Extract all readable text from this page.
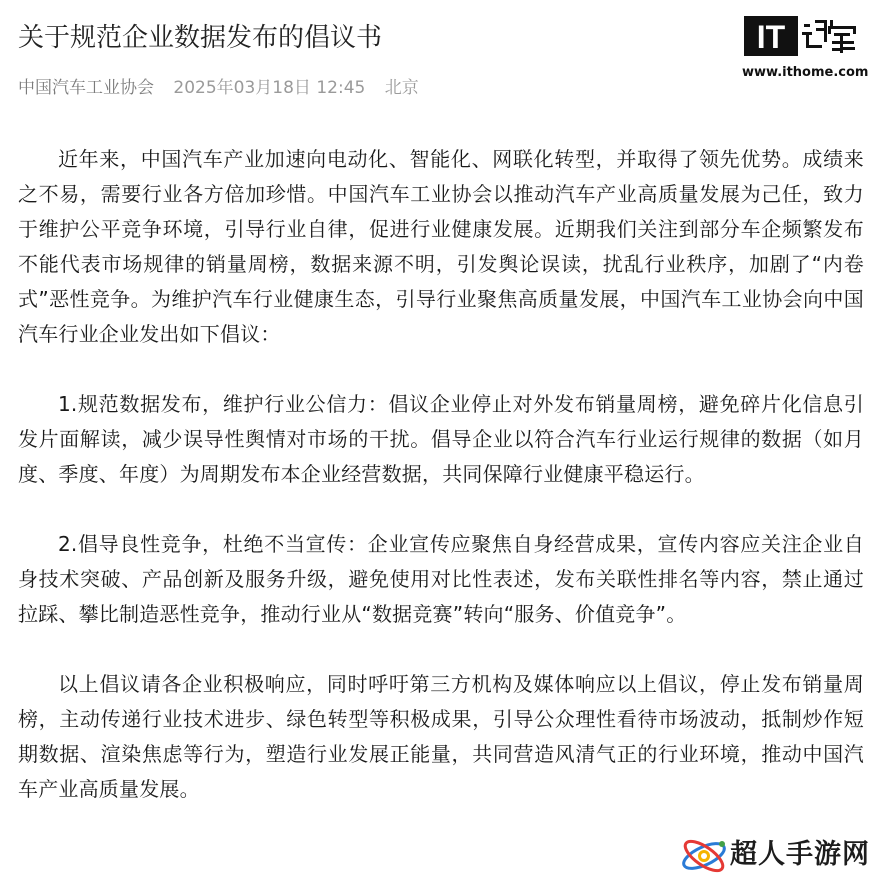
关于规范企业数据发布的倡议书
中国汽车工业协会 2025年03月18日 12:45 北京
IT
www.ithome.com

近年来，中国汽车产业加速向电动化、智能化、网联化转型，并取得了领先优势。成绩来之不易，需要行业各方倍加珍惜。中国汽车工业协会以推动汽车产业高质量发展为己任，致力于维护公平竞争环境，引导行业自律，促进行业健康发展。近期我们关注到部分车企频繁发布不能代表市场规律的销量周榜，数据来源不明，引发舆论误读，扰乱行业秩序，加剧了“内卷式”恶性竞争。为维护汽车行业健康生态，引导行业聚焦高质量发展，中国汽车工业协会向中国汽车行业企业发出如下倡议：

1.规范数据发布，维护行业公信力：倡议企业停止对外发布销量周榜，避免碎片化信息引发片面解读，减少误导性舆情对市场的干扰。倡导企业以符合汽车行业运行规律的数据（如月度、季度、年度）为周期发布本企业经营数据，共同保障行业健康平稳运行。

2.倡导良性竞争，杜绝不当宣传：企业宣传应聚焦自身经营成果，宣传内容应关注企业自身技术突破、产品创新及服务升级，避免使用对比性表述，发布关联性排名等内容，禁止通过拉踩、攀比制造恶性竞争，推动行业从“数据竞赛”转向“服务、价值竞争”。

以上倡议请各企业积极响应，同时呼吁第三方机构及媒体响应以上倡议，停止发布销量周榜，主动传递行业技术进步、绿色转型等积极成果，引导公众理性看待市场波动，抵制炒作短期数据、渲染焦虑等行为，塑造行业发展正能量，共同营造风清气正的行业环境，推动中国汽车产业高质量发展。

超人手游网
